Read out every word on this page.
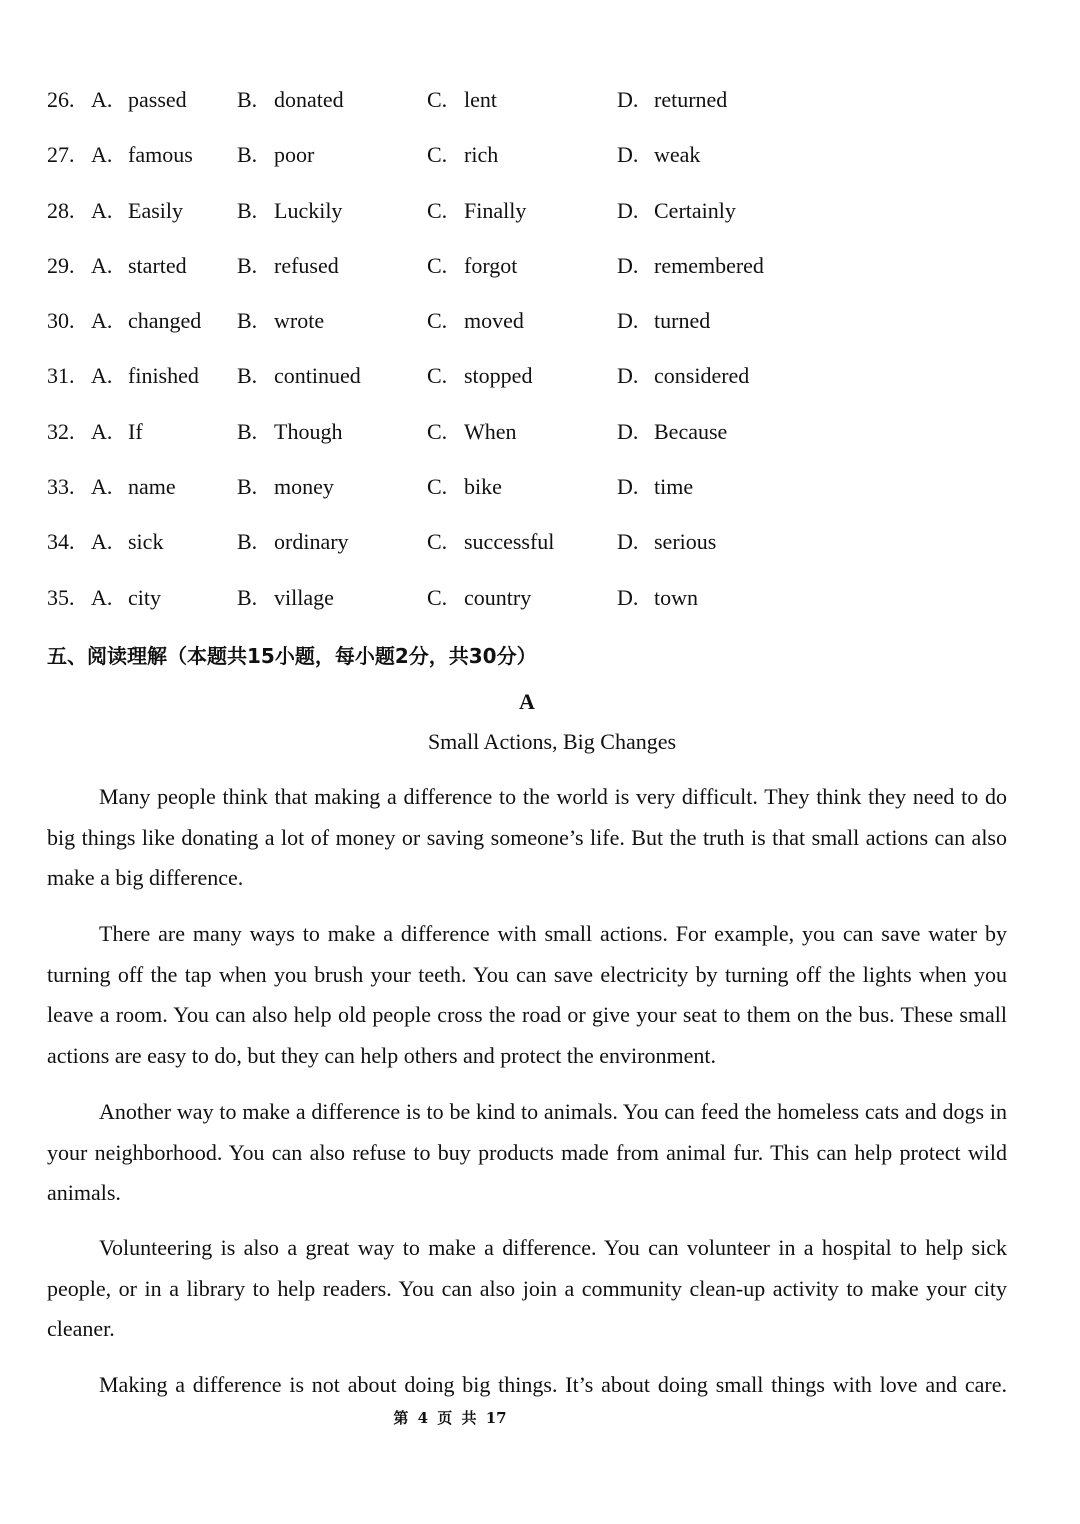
26. A. passed B. donated	C. lent	D. returned
27. A. famous B. poor	C. rich	D. weak
28. A. Easily B. Luckily	C. Finally	D. Certainly
29. A. started B. refused	C. forgot	D. remembered
30. A. changed B. wrote	C. moved	D. turned
31. A. finished B. continued	C. stopped	D. considered
32. A. If	B. Though	C. When	D. Because
33. A. name	B. money	C. bike	D. time
34. A. sick	B. ordinary	C. successful	D. serious
35. A. city	B. village	C. country	D. town
五、阅读理解（本题共15小题，每小题2分，共30分）
A
Small Actions, Big Changes

Many people think that making a difference to the world is very difficult. They think they need to do big things like donating a lot of money or saving someone’s life. But the truth is that small actions can also make a big difference.

There are many ways to make a difference with small actions. For example, you can save water by turning off the tap when you brush your teeth. You can save electricity by turning off the lights when you leave a room. You can also help old people cross the road or give your seat to them on the bus. These small actions are easy to do, but they can help others and protect the environment.

Another way to make a difference is to be kind to animals. You can feed the homeless cats and dogs in your neighborhood. You can also refuse to buy products made from animal fur. This can help protect wild animals.

Volunteering is also a great way to make a difference. You can volunteer in a hospital to help sick people, or in a library to help readers. You can also join a community clean-up activity to make your city cleaner.

Making a difference is not about doing big things. It’s about doing small things with love and care.

第 4 页 共 17
